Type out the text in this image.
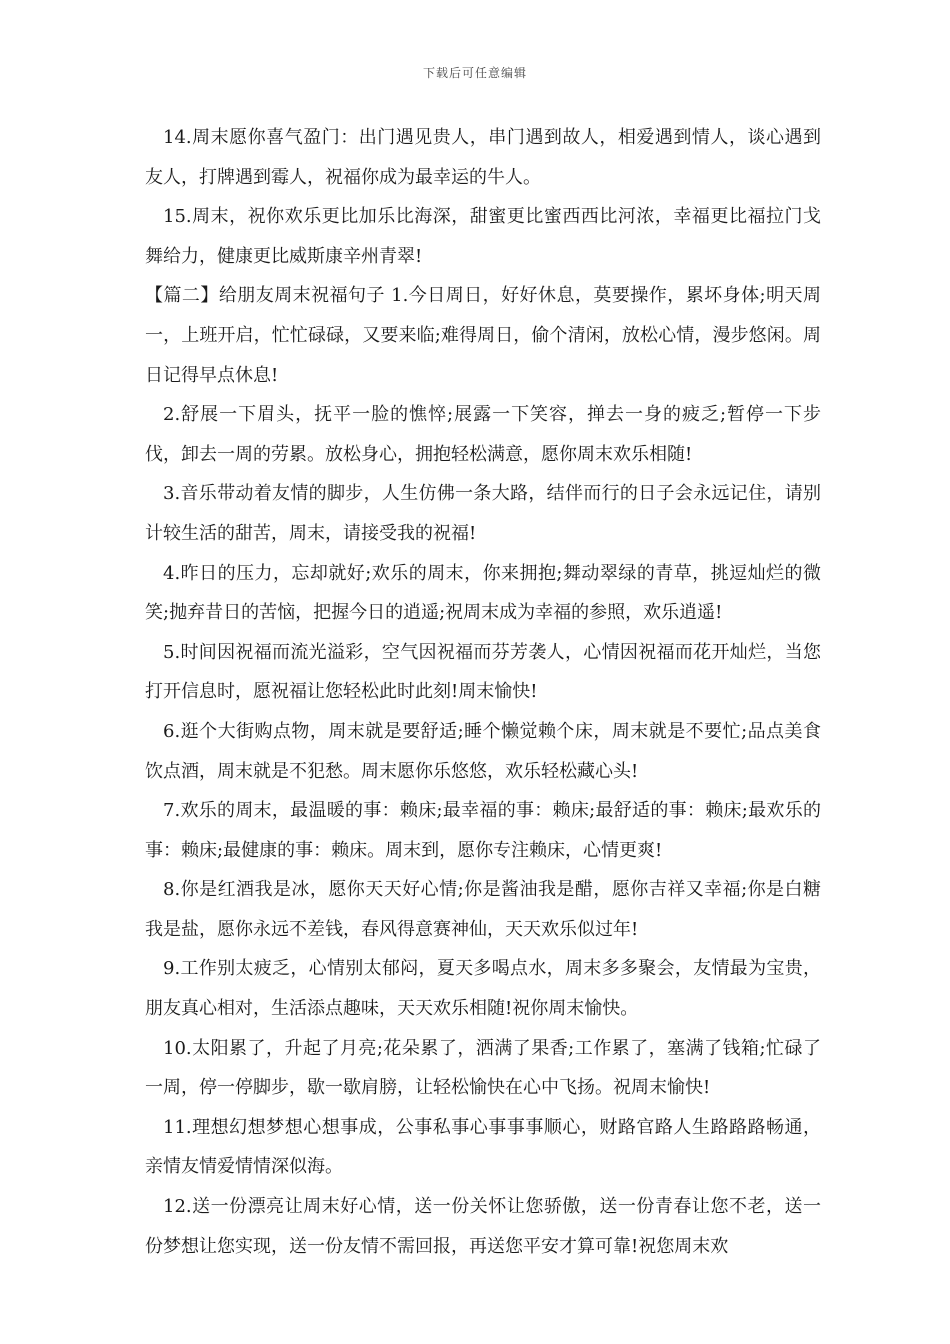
下载后可任意编辑

14.周末愿你喜气盈门：出门遇见贵人，串门遇到故人，相爱遇到情人，谈心遇到友人，打牌遇到霉人，祝福你成为最幸运的牛人。

15.周末，祝你欢乐更比加乐比海深，甜蜜更比蜜西西比河浓，幸福更比福拉门戈舞给力，健康更比威斯康辛州青翠!

【篇二】给朋友周末祝福句子 1.今日周日，好好休息，莫要操作，累坏身体;明天周一，上班开启，忙忙碌碌，又要来临;难得周日，偷个清闲，放松心情，漫步悠闲。周日记得早点休息!

2.舒展一下眉头，抚平一脸的憔悴;展露一下笑容，掸去一身的疲乏;暂停一下步伐，卸去一周的劳累。放松身心，拥抱轻松满意，愿你周末欢乐相随!

3.音乐带动着友情的脚步，人生仿佛一条大路，结伴而行的日子会永远记住，请别计较生活的甜苦，周末，请接受我的祝福!

4.昨日的压力，忘却就好;欢乐的周末，你来拥抱;舞动翠绿的青草，挑逗灿烂的微笑;抛弃昔日的苦恼，把握今日的逍遥;祝周末成为幸福的参照，欢乐逍遥!

5.时间因祝福而流光溢彩，空气因祝福而芬芳袭人，心情因祝福而花开灿烂，当您打开信息时，愿祝福让您轻松此时此刻!周末愉快!

6.逛个大街购点物，周末就是要舒适;睡个懒觉赖个床，周末就是不要忙;品点美食饮点酒，周末就是不犯愁。周末愿你乐悠悠，欢乐轻松藏心头!

7.欢乐的周末，最温暖的事：赖床;最幸福的事：赖床;最舒适的事：赖床;最欢乐的事：赖床;最健康的事：赖床。周末到，愿你专注赖床，心情更爽!

8.你是红酒我是冰，愿你天天好心情;你是酱油我是醋，愿你吉祥又幸福;你是白糖我是盐，愿你永远不差钱，春风得意赛神仙，天天欢乐似过年!

9.工作别太疲乏，心情别太郁闷，夏天多喝点水，周末多多聚会，友情最为宝贵，朋友真心相对，生活添点趣味，天天欢乐相随!祝你周末愉快。

10.太阳累了，升起了月亮;花朵累了，洒满了果香;工作累了，塞满了钱箱;忙碌了一周，停一停脚步，歇一歇肩膀，让轻松愉快在心中飞扬。祝周末愉快!

11.理想幻想梦想心想事成，公事私事心事事事顺心，财路官路人生路路路畅通，亲情友情爱情情深似海。

12.送一份漂亮让周末好心情，送一份关怀让您骄傲，送一份青春让您不老，送一份梦想让您实现，送一份友情不需回报，再送您平安才算可靠!祝您周末欢
